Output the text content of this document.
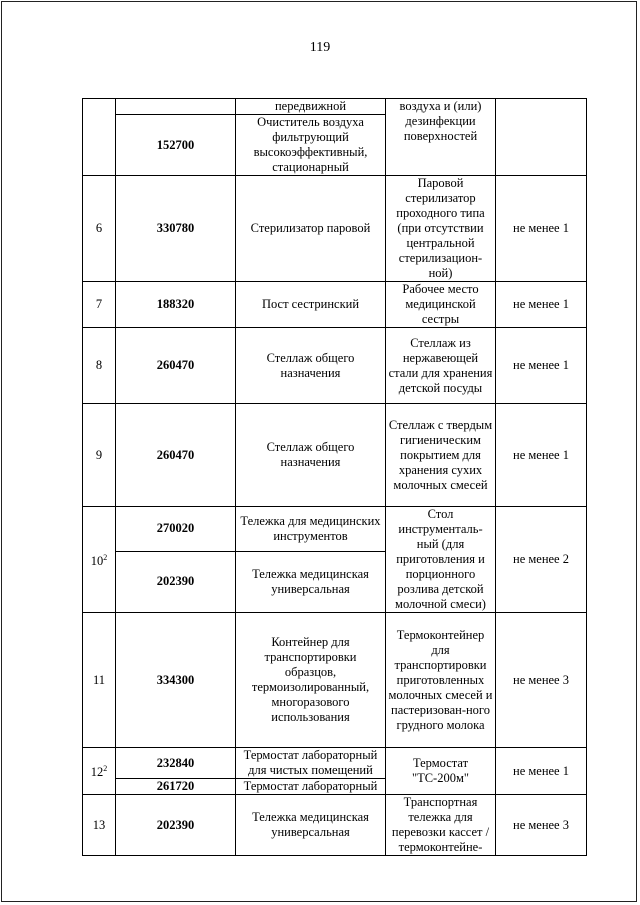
119
		передвижной	воздуха и (или) дезинфекции поверхностей	
	152700	Очиститель воздуха фильтрующий высокоэффективный, стационарный		
6	330780	Стерилизатор паровой	Паровой стерилизатор проходного типа (при отсутствии центральной стерилизацион-ной)	не менее 1
7	188320	Пост сестринский	Рабочее место медицинской сестры	не менее 1
8	260470	Стеллаж общего назначения	Стеллаж из нержавеющей стали для хранения детской посуды	не менее 1
9	260470	Стеллаж общего назначения	Стеллаж с твердым гигиеническим покрытием для хранения сухих молочных смесей	не менее 1
$10^2$	270020	Тележка для медицинских инструментов	Стол инструменталь-ный (для приготовления и порционного розлива детской молочной смеси)	не менее 2
	202390	Тележка медицинская универсальная		
11	334300	Контейнер для транспортировки образцов, термоизолированный, многоразового использования	Термоконтейнер для транспортировки приготовленных молочных смесей и пастеризован-ного грудного молока	не менее 3
$12^2$	232840	Термостат лабораторный для чистых помещений	Термостат "ТС-200м"	не менее 1
	261720	Термостат лабораторный		
13	202390	Тележка медицинская универсальная	Транспортная тележка для перевозки кассет /термоконтейне-	не менее 3
